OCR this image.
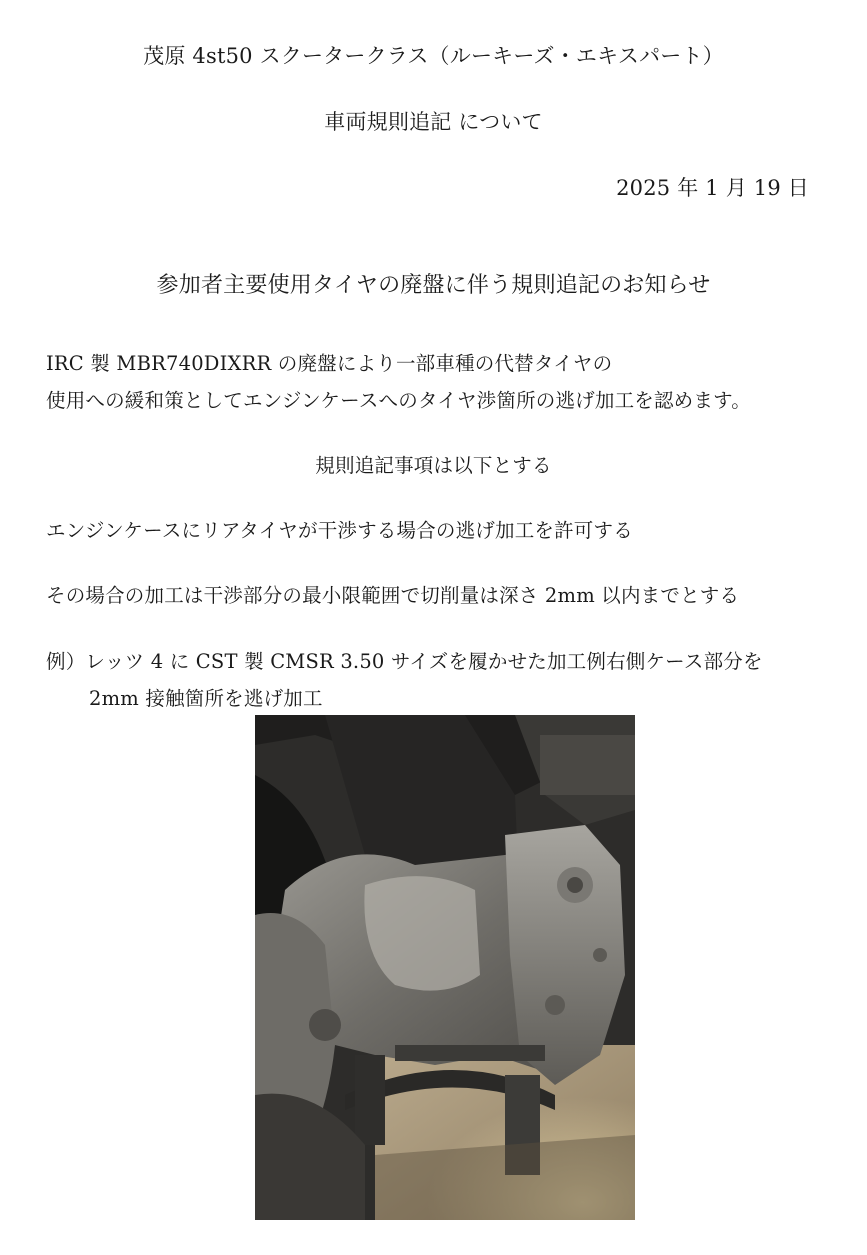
茂原 4st50 スクータークラス（ルーキーズ・エキスパート）
車両規則追記 について
2025 年 1 月 19 日
参加者主要使用タイヤの廃盤に伴う規則追記のお知らせ
IRC 製 MBR740DIXRR の廃盤により一部車種の代替タイヤの
使用への緩和策としてエンジンケースへのタイヤ渉箇所の逃げ加工を認めます。
規則追記事項は以下とする
エンジンケースにリアタイヤが干渉する場合の逃げ加工を許可する
その場合の加工は干渉部分の最小限範囲で切削量は深さ 2mm 以内までとする
例）レッツ 4 に CST 製 CMSR 3.50 サイズを履かせた加工例右側ケース部分を
2mm 接触箇所を逃げ加工
